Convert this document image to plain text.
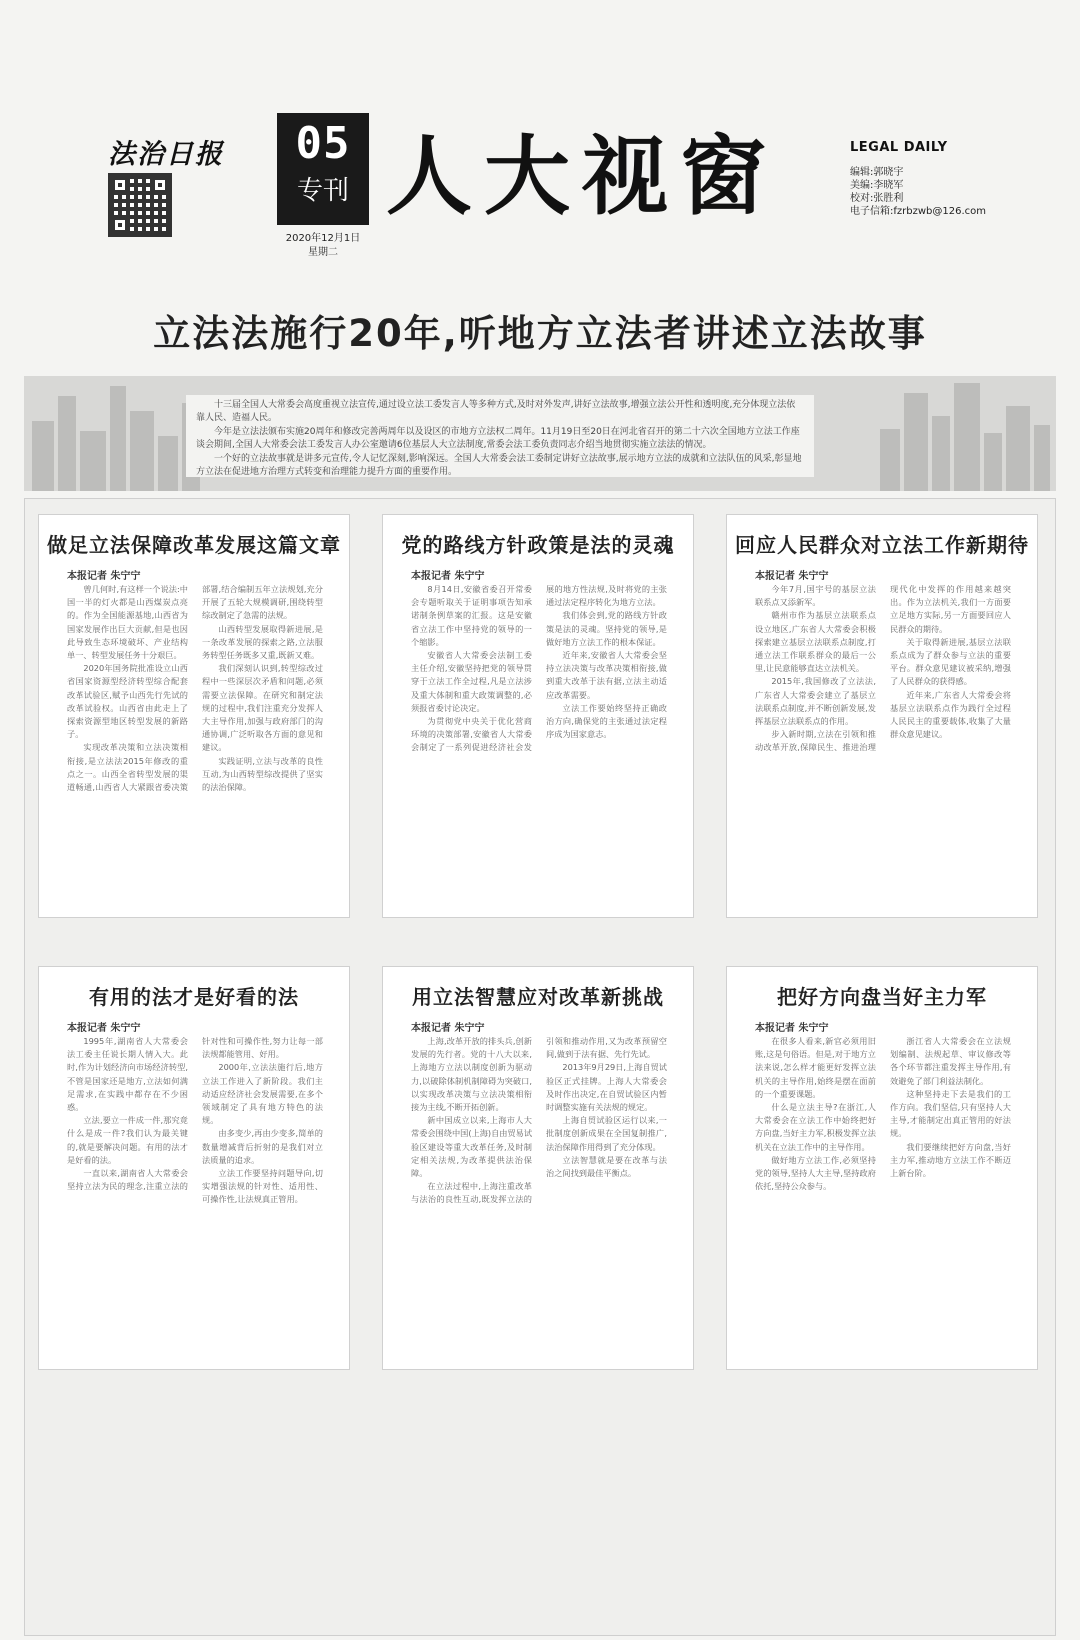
法治日报	05
专刊
2020年12月1日
星期二
人大视窗	LEGAL DAILY
编辑:郭晓宇
美编:李晓军
校对:张胜利
电子信箱:fzrbzwb@126.com
立法法施行20年,听地方立法者讲述立法故事

十三届全国人大常委会高度重视立法宣传,通过设立法工委发言人等多种方式,及时对外发声,讲好立法故事,增强立法公开性和透明度,充分体现立法依靠人民、造福人民。

今年是立法法颁布实施20周年和修改完善两周年以及设区的市地方立法权二周年。11月19日至20日在河北省召开的第二十六次全国地方立法工作座谈会期间,全国人大常委会法工委发言人办公室邀请6位基层人大立法制度,常委会法工委负责同志介绍当地贯彻实施立法法的情况。

一个好的立法故事就是讲多元宣传,令人记忆深刻,影响深远。全国人大常委会法工委制定讲好立法故事,展示地方立法的成就和立法队伍的风采,彰显地方立法在促进地方治理方式转变和治理能力提升方面的重要作用。

做足立法保障改革发展这篇文章
本报记者 朱宁宁

曾几何时,有这样一个说法:中国一半的灯火都是山西煤炭点亮的。作为全国能源基地,山西省为国家发展作出巨大贡献,但是也因此导致生态环境破坏、产业结构单一、转型发展任务十分艰巨。

2020年国务院批准设立山西省国家资源型经济转型综合配套改革试验区,赋予山西先行先试的改革试验权。山西省由此走上了探索资源型地区转型发展的新路子。

实现改革决策和立法决策相衔接,是立法法2015年修改的重点之一。山西全省转型发展的渠道畅通,山西省人大紧跟省委决策部署,结合编制五年立法规划,充分开展了五轮大规模调研,围绕转型综改制定了急需的法规。

山西转型发展取得新进展,是一条改革发展的探索之路,立法服务转型任务既多又重,既新又难。

我们深刻认识到,转型综改过程中一些深层次矛盾和问题,必须需要立法保障。在研究和制定法规的过程中,我们注重充分发挥人大主导作用,加强与政府部门的沟通协调,广泛听取各方面的意见和建议。

实践证明,立法与改革的良性互动,为山西转型综改提供了坚实的法治保障。

党的路线方针政策是法的灵魂
本报记者 朱宁宁

8月14日,安徽省委召开常委会专题听取关于证明事项告知承诺制条例草案的汇报。这是安徽省立法工作中坚持党的领导的一个缩影。

安徽省人大常委会法制工委主任介绍,安徽坚持把党的领导贯穿于立法工作全过程,凡是立法涉及重大体制和重大政策调整的,必须报省委讨论决定。

为贯彻党中央关于优化营商环境的决策部署,安徽省人大常委会制定了一系列促进经济社会发展的地方性法规,及时将党的主张通过法定程序转化为地方立法。

我们体会到,党的路线方针政策是法的灵魂。坚持党的领导,是做好地方立法工作的根本保证。

近年来,安徽省人大常委会坚持立法决策与改革决策相衔接,做到重大改革于法有据,立法主动适应改革需要。

立法工作要始终坚持正确政治方向,确保党的主张通过法定程序成为国家意志。

回应人民群众对立法工作新期待
本报记者 朱宁宁

今年7月,国宇号的基层立法联系点又添新军。

赣州市作为基层立法联系点设立地区,广东省人大常委会积极探索建立基层立法联系点制度,打通立法工作联系群众的最后一公里,让民意能够直达立法机关。

2015年,我国修改了立法法,广东省人大常委会建立了基层立法联系点制度,并不断创新发展,发挥基层立法联系点的作用。

步入新时期,立法在引领和推动改革开放,保障民生、推进治理现代化中发挥的作用越来越突出。作为立法机关,我们一方面要立足地方实际,另一方面要回应人民群众的期待。

关于取得新进展,基层立法联系点成为了群众参与立法的重要平台。群众意见建议被采纳,增强了人民群众的获得感。

近年来,广东省人大常委会将基层立法联系点作为践行全过程人民民主的重要载体,收集了大量群众意见建议。

有用的法才是好看的法
本报记者 朱宁宁

1995年,湖南省人大常委会法工委主任说长期人情入大。此时,作为计划经济向市场经济转型,不管是国家还是地方,立法如何满足需求,在实践中都存在不少困惑。

立法,要立一件成一件,那究竟什么是成一件?我们认为最关键的,就是要解决问题。有用的法才是好看的法。

一直以来,湖南省人大常委会坚持立法为民的理念,注重立法的针对性和可操作性,努力让每一部法规都能管用、好用。

2000年,立法法施行后,地方立法工作进入了新阶段。我们主动适应经济社会发展需要,在多个领域制定了具有地方特色的法规。

由多变少,再由少变多,简单的数量增减背后折射的是我们对立法质量的追求。

立法工作要坚持问题导向,切实增强法规的针对性、适用性、可操作性,让法规真正管用。

用立法智慧应对改革新挑战
本报记者 朱宁宁

上海,改革开放的排头兵,创新发展的先行者。党的十八大以来,上海地方立法以制度创新为驱动力,以破除体制机制障碍为突破口,以实现改革决策与立法决策相衔接为主线,不断开拓创新。

新中国成立以来,上海市人大常委会围绕中国(上海)自由贸易试验区建设等重大改革任务,及时制定相关法规,为改革提供法治保障。

在立法过程中,上海注重改革与法治的良性互动,既发挥立法的引领和推动作用,又为改革预留空间,做到于法有据、先行先试。

2013年9月29日,上海自贸试验区正式挂牌。上海人大常委会及时作出决定,在自贸试验区内暂时调整实施有关法规的规定。

上海自贸试验区运行以来,一批制度创新成果在全国复制推广,法治保障作用得到了充分体现。

立法智慧就是要在改革与法治之间找到最佳平衡点。

把好方向盘当好主力军
本报记者 朱宁宁

在很多人看来,新官必须用旧账,这是句俗语。但是,对于地方立法来说,怎么样才能更好发挥立法机关的主导作用,始终是摆在面前的一个重要课题。

什么是立法主导?在浙江,人大常委会在立法工作中始终把好方向盘,当好主力军,积极发挥立法机关在立法工作中的主导作用。

做好地方立法工作,必须坚持党的领导,坚持人大主导,坚持政府依托,坚持公众参与。

浙江省人大常委会在立法规划编制、法规起草、审议修改等各个环节都注重发挥主导作用,有效避免了部门利益法制化。

这种坚持走下去是我们的工作方向。我们坚信,只有坚持人大主导,才能制定出真正管用的好法规。

我们要继续把好方向盘,当好主力军,推动地方立法工作不断迈上新台阶。
